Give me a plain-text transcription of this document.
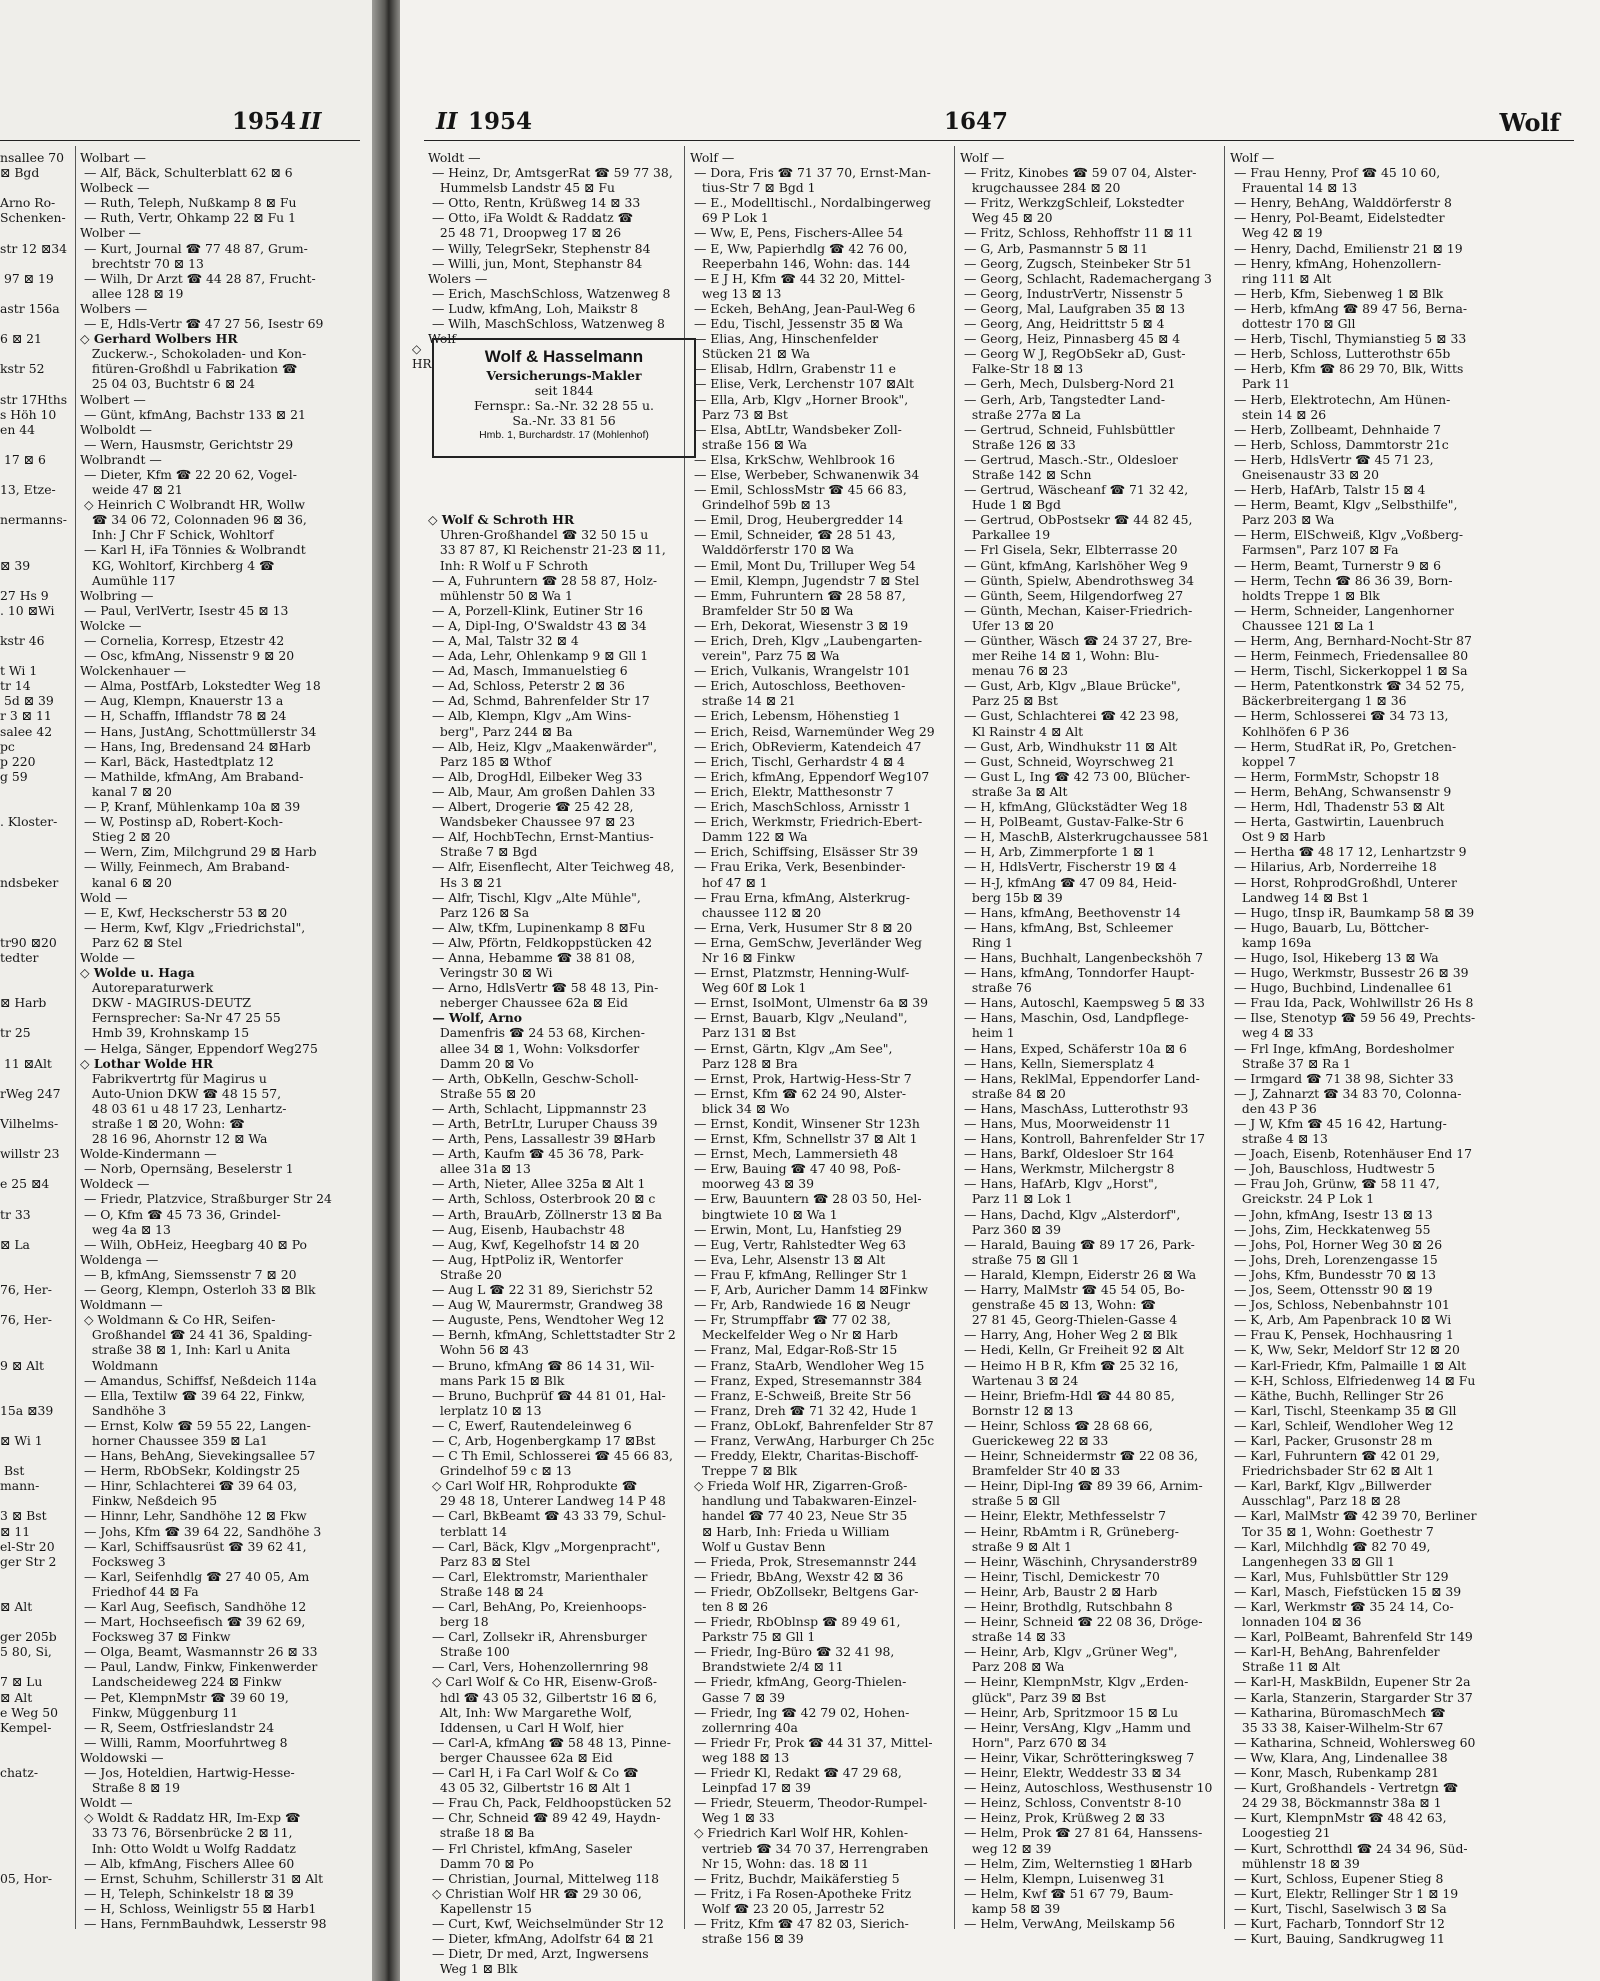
1954 II
nsallee 70
⊠ Bgd

Arno Ro-
Schenken-

str 12 ⊠34

97 ⊠ 19

astr 156a

6 ⊠ 21

kstr 52

str 17Hths
s Höh 10
en 44

17 ⊠ 6

13, Etze-

nermanns-

⊠ 39

27 Hs 9
. 10 ⊠Wi

kstr 46

t Wi 1
tr 14
5d ⊠ 39
r 3 ⊠ 11
salee 42
pc
p 220
g 59

. Kloster-

ndsbeker

tr90 ⊠20
tedter

⊠ Harb

tr 25

11 ⊠Alt

rWeg 247

Vilhelms-

willstr 23

e 25 ⊠4

tr 33

⊠ La

76, Her-

76, Her-

9 ⊠ Alt

15a ⊠39

⊠ Wi 1

Bst
mann-

3 ⊠ Bst
⊠ 11
el-Str 20
ger Str 2

⊠ Alt

ger 205b
5 80, Si,

7 ⊠ Lu
⊠ Alt
e Weg 50
Kempel-

chatz-

05, Hor-
Wolbart —
— Alf, Bäck, Schulterblatt 62 ⊠ 6
Wolbeck —
— Ruth, Teleph, Nußkamp 8 ⊠ Fu
— Ruth, Vertr, Ohkamp 22 ⊠ Fu 1
Wolber —
— Kurt, Journal ☎ 77 48 87, Grum-
brechtstr 70 ⊠ 13
— Wilh, Dr Arzt ☎ 44 28 87, Frucht-
allee 128 ⊠ 19
Wolbers —
— E, Hdls-Vertr ☎ 47 27 56, Isestr 69
◇ Gerhard Wolbers HR
Zuckerw.-, Schokoladen- und Kon-
fitüren-Großhdl u Fabrikation ☎
25 04 03, Buchtstr 6 ⊠ 24
Wolbert —
— Günt, kfmAng, Bachstr 133 ⊠ 21
Wolboldt —
— Wern, Hausmstr, Gerichtstr 29
Wolbrandt —
— Dieter, Kfm ☎ 22 20 62, Vogel-
weide 47 ⊠ 21
◇ Heinrich C Wolbrandt HR, Wollw
☎ 34 06 72, Colonnaden 96 ⊠ 36,
Inh: J Chr F Schick, Wohltorf
— Karl H, iFa Tönnies & Wolbrandt
KG, Wohltorf, Kirchberg 4 ☎
Aumühle 117
Wolbring —
— Paul, VerlVertr, Isestr 45 ⊠ 13
Wolcke —
— Cornelia, Korresp, Etzestr 42
— Osc, kfmAng, Nissenstr 9 ⊠ 20
Wolckenhauer —
— Alma, PostfArb, Lokstedter Weg 18
— Aug, Klempn, Knauerstr 13 a
— H, Schaffn, Ifflandstr 78 ⊠ 24
— Hans, JustAng, Schottmüllerstr 34
— Hans, Ing, Bredensand 24 ⊠Harb
— Karl, Bäck, Hastedtplatz 12
— Mathilde, kfmAng, Am Braband-
kanal 7 ⊠ 20
— P, Kranf, Mühlenkamp 10a ⊠ 39
— W, Postinsp aD, Robert-Koch-
Stieg 2 ⊠ 20
— Wern, Zim, Milchgrund 29 ⊠ Harb
— Willy, Feinmech, Am Braband-
kanal 6 ⊠ 20
Wold —
— E, Kwf, Heckscherstr 53 ⊠ 20
— Herm, Kwf, Klgv „Friedrichstal",
Parz 62 ⊠ Stel
Wolde —
◇ Wolde u. Haga
Autoreparaturwerk
DKW - MAGIRUS-DEUTZ
Fernsprecher: Sa-Nr 47 25 55
Hmb 39, Krohnskamp 15
— Helga, Sänger, Eppendorf Weg275
◇ Lothar Wolde HR
Fabrikvertrtg für Magirus u
Auto-Union DKW ☎ 48 15 57,
48 03 61 u 48 17 23, Lenhartz-
straße 1 ⊠ 20, Wohn: ☎
28 16 96, Ahornstr 12 ⊠ Wa
Wolde-Kindermann —
— Norb, Opernsäng, Beselerstr 1
Woldeck —
— Friedr, Platzvice, Straßburger Str 24
— O, Kfm ☎ 45 73 36, Grindel-
weg 4a ⊠ 13
— Wilh, ObHeiz, Heegbarg 40 ⊠ Po
Woldenga —
— B, kfmAng, Siemssenstr 7 ⊠ 20
— Georg, Klempn, Osterloh 33 ⊠ Blk
Woldmann —
◇ Woldmann & Co HR, Seifen-
Großhandel ☎ 24 41 36, Spalding-
straße 38 ⊠ 1, Inh: Karl u Anita
Woldmann
— Amandus, Schiffsf, Neßdeich 114a
— Ella, Textilw ☎ 39 64 22, Finkw,
Sandhöhe 3
— Ernst, Kolw ☎ 59 55 22, Langen-
horner Chaussee 359 ⊠ La1
— Hans, BehAng, Sievekingsallee 57
— Herm, RbObSekr, Koldingstr 25
— Hinr, Schlachterei ☎ 39 64 03,
Finkw, Neßdeich 95
— Hinnr, Lehr, Sandhöhe 12 ⊠ Fkw
— Johs, Kfm ☎ 39 64 22, Sandhöhe 3
— Karl, Schiffsausrüst ☎ 39 62 41,
Focksweg 3
— Karl, Seifenhdlg ☎ 27 40 05, Am
Friedhof 44 ⊠ Fa
— Karl Aug, Seefisch, Sandhöhe 12
— Mart, Hochseefisch ☎ 39 62 69,
Focksweg 37 ⊠ Finkw
— Olga, Beamt, Wasmannstr 26 ⊠ 33
— Paul, Landw, Finkw, Finkenwerder
Landscheideweg 224 ⊠ Finkw
— Pet, KlempnMstr ☎ 39 60 19,
Finkw, Müggenburg 11
— R, Seem, Ostfrieslandstr 24
— Willi, Ramm, Moorfuhrtweg 8
Woldowski —
— Jos, Hoteldien, Hartwig-Hesse-
Straße 8 ⊠ 19
Woldt —
◇ Woldt & Raddatz HR, Im-Exp ☎
33 73 76, Börsenbrücke 2 ⊠ 11,
Inh: Otto Woldt u Wolfg Raddatz
— Alb, kfmAng, Fischers Allee 60
— Ernst, Schuhm, Schillerstr 31 ⊠ Alt
— H, Teleph, Schinkelstr 18 ⊠ 39
— H, Schloss, Weinligstr 55 ⊠ Harb1
— Hans, FernmBauhdwk, Lesserstr 98
II 1954	1647	Wolf
Woldt —
— Heinz, Dr, AmtsgerRat ☎ 59 77 38,
Hummelsb Landstr 45 ⊠ Fu
— Otto, Rentn, Krüßweg 14 ⊠ 33
— Otto, iFa Woldt & Raddatz ☎
25 48 71, Droopweg 17 ⊠ 26
— Willy, TelegrSekr, Stephenstr 84
— Willi, jun, Mont, Stephanstr 84
Wolers —
— Erich, MaschSchloss, Watzenweg 8
— Ludw, kfmAng, Loh, Maikstr 8
— Wilh, MaschSchloss, Watzenweg 8
Wolf —

◇ Wolf & Schroth HR
Uhren-Großhandel ☎ 32 50 15 u
33 87 87, Kl Reichenstr 21-23 ⊠ 11,
Inh: R Wolf u F Schroth
— A, Fuhruntern ☎ 28 58 87, Holz-
mühlenstr 50 ⊠ Wa 1
— A, Porzell-Klink, Eutiner Str 16
— A, Dipl-Ing, O'Swaldstr 43 ⊠ 34
— A, Mal, Talstr 32 ⊠ 4
— Ada, Lehr, Ohlenkamp 9 ⊠ Gll 1
— Ad, Masch, Immanuelstieg 6
— Ad, Schloss, Peterstr 2 ⊠ 36
— Ad, Schmd, Bahrenfelder Str 17
— Alb, Klempn, Klgv „Am Wins-
berg", Parz 244 ⊠ Ba
— Alb, Heiz, Klgv „Maakenwärder",
Parz 185 ⊠ Wthof
— Alb, DrogHdl, Eilbeker Weg 33
— Alb, Maur, Am großen Dahlen 33
— Albert, Drogerie ☎ 25 42 28,
Wandsbeker Chaussee 97 ⊠ 23
— Alf, HochbTechn, Ernst-Mantius-
Straße 7 ⊠ Bgd
— Alfr, Eisenflecht, Alter Teichweg 48,
Hs 3 ⊠ 21
— Alfr, Tischl, Klgv „Alte Mühle",
Parz 126 ⊠ Sa
— Alw, tKfm, Lupinenkamp 8 ⊠Fu
— Alw, Pförtn, Feldkoppstücken 42
— Anna, Hebamme ☎ 38 81 08,
Veringstr 30 ⊠ Wi
— Arno, HdlsVertr ☎ 58 48 13, Pin-
neberger Chaussee 62a ⊠ Eid
— Wolf, Arno
Damenfris ☎ 24 53 68, Kirchen-
allee 34 ⊠ 1, Wohn: Volksdorfer
Damm 20 ⊠ Vo
— Arth, ObKelln, Geschw-Scholl-
Straße 55 ⊠ 20
— Arth, Schlacht, Lippmannstr 23
— Arth, BetrLtr, Luruper Chauss 39
— Arth, Pens, Lassallestr 39 ⊠Harb
— Arth, Kaufm ☎ 45 36 78, Park-
allee 31a ⊠ 13
— Arth, Nieter, Allee 325a ⊠ Alt 1
— Arth, Schloss, Osterbrook 20 ⊠ c
— Arth, BrauArb, Zöllnerstr 13 ⊠ Ba
— Aug, Eisenb, Haubachstr 48
— Aug, Kwf, Kegelhofstr 14 ⊠ 20
— Aug, HptPoliz iR, Wentorfer
Straße 20
— Aug L ☎ 22 31 89, Sierichstr 52
— Aug W, Maurermstr, Grandweg 38
— Auguste, Pens, Wendtoher Weg 12
— Bernh, kfmAng, Schlettstadter Str 2
Wohn 56 ⊠ 43
— Bruno, kfmAng ☎ 86 14 31, Wil-
mans Park 15 ⊠ Blk
— Bruno, Buchprüf ☎ 44 81 01, Hal-
lerplatz 10 ⊠ 13
— C, Ewerf, Rautendeleinweg 6
— C, Arb, Hogenbergkamp 17 ⊠Bst
— C Th Emil, Schlosserei ☎ 45 66 83,
Grindelhof 59 c ⊠ 13
◇ Carl Wolf HR, Rohprodukte ☎
29 48 18, Unterer Landweg 14 P 48
— Carl, BkBeamt ☎ 43 33 79, Schul-
terblatt 14
— Carl, Bäck, Klgv „Morgenpracht",
Parz 83 ⊠ Stel
— Carl, Elektromstr, Marienthaler
Straße 148 ⊠ 24
— Carl, BehAng, Po, Kreienhoops-
berg 18
— Carl, Zollsekr iR, Ahrensburger
Straße 100
— Carl, Vers, Hohenzollernring 98
◇ Carl Wolf & Co HR, Eisenw-Groß-
hdl ☎ 43 05 32, Gilbertstr 16 ⊠ 6,
Alt, Inh: Ww Margarethe Wolf,
Iddensen, u Carl H Wolf, hier
— Carl-A, kfmAng ☎ 58 48 13, Pinne-
berger Chaussee 62a ⊠ Eid
— Carl H, i Fa Carl Wolf & Co ☎
43 05 32, Gilbertstr 16 ⊠ Alt 1
— Frau Ch, Pack, Feldhoopstücken 52
— Chr, Schneid ☎ 89 42 49, Haydn-
straße 18 ⊠ Ba
— Frl Christel, kfmAng, Saseler
Damm 70 ⊠ Po
— Christian, Journal, Mittelweg 118
◇ Christian Wolf HR ☎ 29 30 06,
Kapellenstr 15
— Curt, Kwf, Weichselmünder Str 12
— Dieter, kfmAng, Adolfstr 64 ⊠ 21
— Dietr, Dr med, Arzt, Ingwersens
Weg 1 ⊠ Blk
Wolf —
— Dora, Fris ☎ 71 37 70, Ernst-Man-
tius-Str 7 ⊠ Bgd 1
— E., Modelltischl., Nordalbingerweg
69 P Lok 1
— Ww, E, Pens, Fischers-Allee 54
— E, Ww, Papierhdlg ☎ 42 76 00,
Reeperbahn 146, Wohn: das. 144
— E J H, Kfm ☎ 44 32 20, Mittel-
weg 13 ⊠ 13
— Eckeh, BehAng, Jean-Paul-Weg 6
— Edu, Tischl, Jessenstr 35 ⊠ Wa
— Elias, Ang, Hinschenfelder
Stücken 21 ⊠ Wa
— Elisab, Hdlrn, Grabenstr 11 e
— Elise, Verk, Lerchenstr 107 ⊠Alt
— Ella, Arb, Klgv „Horner Brook",
Parz 73 ⊠ Bst
— Elsa, AbtLtr, Wandsbeker Zoll-
straße 156 ⊠ Wa
— Elsa, KrkSchw, Wehlbrook 16
— Else, Werbeber, Schwanenwik 34
— Emil, SchlossMstr ☎ 45 66 83,
Grindelhof 59b ⊠ 13
— Emil, Drog, Heubergredder 14
— Emil, Schneider, ☎ 28 51 43,
Walddörferstr 170 ⊠ Wa
— Emil, Mont Du, Trilluper Weg 54
— Emil, Klempn, Jugendstr 7 ⊠ Stel
— Emm, Fuhruntern ☎ 28 58 87,
Bramfelder Str 50 ⊠ Wa
— Erh, Dekorat, Wiesenstr 3 ⊠ 19
— Erich, Dreh, Klgv „Laubengarten-
verein", Parz 75 ⊠ Wa
— Erich, Vulkanis, Wrangelstr 101
— Erich, Autoschloss, Beethoven-
straße 14 ⊠ 21
— Erich, Lebensm, Höhenstieg 1
— Erich, Reisd, Warnemünder Weg 29
— Erich, ObRevierm, Katendeich 47
— Erich, Tischl, Gerhardstr 4 ⊠ 4
— Erich, kfmAng, Eppendorf Weg107
— Erich, Elektr, Matthesonstr 7
— Erich, MaschSchloss, Arnisstr 1
— Erich, Werkmstr, Friedrich-Ebert-
Damm 122 ⊠ Wa
— Erich, Schiffsing, Elsässer Str 39
— Frau Erika, Verk, Besenbinder-
hof 47 ⊠ 1
— Frau Erna, kfmAng, Alsterkrug-
chaussee 112 ⊠ 20
— Erna, Verk, Husumer Str 8 ⊠ 20
— Erna, GemSchw, Jeverländer Weg
Nr 16 ⊠ Finkw
— Ernst, Platzmstr, Henning-Wulf-
Weg 60f ⊠ Lok 1
— Ernst, IsolMont, Ulmenstr 6a ⊠ 39
— Ernst, Bauarb, Klgv „Neuland",
Parz 131 ⊠ Bst
— Ernst, Gärtn, Klgv „Am See",
Parz 128 ⊠ Bra
— Ernst, Prok, Hartwig-Hess-Str 7
— Ernst, Kfm ☎ 62 24 90, Alster-
blick 34 ⊠ Wo
— Ernst, Kondit, Winsener Str 123h
— Ernst, Kfm, Schnellstr 37 ⊠ Alt 1
— Ernst, Mech, Lammersieth 48
— Erw, Bauing ☎ 47 40 98, Poß-
moorweg 43 ⊠ 39
— Erw, Bauuntern ☎ 28 03 50, Hel-
bingtwiete 10 ⊠ Wa 1
— Erwin, Mont, Lu, Hanfstieg 29
— Eug, Vertr, Rahlstedter Weg 63
— Eva, Lehr, Alsenstr 13 ⊠ Alt
— Frau F, kfmAng, Rellinger Str 1
— F, Arb, Auricher Damm 14 ⊠Finkw
— Fr, Arb, Randwiede 16 ⊠ Neugr
— Fr, Strumpffabr ☎ 77 02 38,
Meckelfelder Weg o Nr ⊠ Harb
— Franz, Mal, Edgar-Roß-Str 15
— Franz, StaArb, Wendloher Weg 15
— Franz, Exped, Stresemannstr 384
— Franz, E-Schweiß, Breite Str 56
— Franz, Dreh ☎ 71 32 42, Hude 1
— Franz, ObLokf, Bahrenfelder Str 87
— Franz, VerwAng, Harburger Ch 25c
— Freddy, Elektr, Charitas-Bischoff-
Treppe 7 ⊠ Blk
◇ Frieda Wolf HR, Zigarren-Groß-
handlung und Tabakwaren-Einzel-
handel ☎ 77 40 23, Neue Str 35
⊠ Harb, Inh: Frieda u William
Wolf u Gustav Benn
— Frieda, Prok, Stresemannstr 244
— Friedr, BbAng, Wexstr 42 ⊠ 36
— Friedr, ObZollsekr, Beltgens Gar-
ten 8 ⊠ 26
— Friedr, RbOblnsp ☎ 89 49 61,
Parkstr 75 ⊠ Gll 1
— Friedr, Ing-Büro ☎ 32 41 98,
Brandstwiete 2/4 ⊠ 11
— Friedr, kfmAng, Georg-Thielen-
Gasse 7 ⊠ 39
— Friedr, Ing ☎ 42 79 02, Hohen-
zollernring 40a
— Friedr Fr, Prok ☎ 44 31 37, Mittel-
weg 188 ⊠ 13
— Friedr Kl, Redakt ☎ 47 29 68,
Leinpfad 17 ⊠ 39
— Friedr, Steuerm, Theodor-Rumpel-
Weg 1 ⊠ 33
◇ Friedrich Karl Wolf HR, Kohlen-
vertrieb ☎ 34 70 37, Herrengraben
Nr 15, Wohn: das. 18 ⊠ 11
— Fritz, Buchdr, Maikäferstieg 5
— Fritz, i Fa Rosen-Apotheke Fritz
Wolf ☎ 23 20 05, Jarrestr 52
— Fritz, Kfm ☎ 47 82 03, Sierich-
straße 156 ⊠ 39
Wolf —
— Fritz, Kinobes ☎ 59 07 04, Alster-
krugchaussee 284 ⊠ 20
— Fritz, WerkzgSchleif, Lokstedter
Weg 45 ⊠ 20
— Fritz, Schloss, Rehhoffstr 11 ⊠ 11
— G, Arb, Pasmannstr 5 ⊠ 11
— Georg, Zugsch, Steinbeker Str 51
— Georg, Schlacht, Rademachergang 3
— Georg, IndustrVertr, Nissenstr 5
— Georg, Mal, Laufgraben 35 ⊠ 13
— Georg, Ang, Heidrittstr 5 ⊠ 4
— Georg, Heiz, Pinnasberg 45 ⊠ 4
— Georg W J, RegObSekr aD, Gust-
Falke-Str 18 ⊠ 13
— Gerh, Mech, Dulsberg-Nord 21
— Gerh, Arb, Tangstedter Land-
straße 277a ⊠ La
— Gertrud, Schneid, Fuhlsbüttler
Straße 126 ⊠ 33
— Gertrud, Masch.-Str., Oldesloer
Straße 142 ⊠ Schn
— Gertrud, Wäscheanf ☎ 71 32 42,
Hude 1 ⊠ Bgd
— Gertrud, ObPostsekr ☎ 44 82 45,
Parkallee 19
— Frl Gisela, Sekr, Elbterrasse 20
— Günt, kfmAng, Karlshöher Weg 9
— Günth, Spielw, Abendrothsweg 34
— Günth, Seem, Hilgendorfweg 27
— Günth, Mechan, Kaiser-Friedrich-
Ufer 13 ⊠ 20
— Günther, Wäsch ☎ 24 37 27, Bre-
mer Reihe 14 ⊠ 1, Wohn: Blu-
menau 76 ⊠ 23
— Gust, Arb, Klgv „Blaue Brücke",
Parz 25 ⊠ Bst
— Gust, Schlachterei ☎ 42 23 98,
Kl Rainstr 4 ⊠ Alt
— Gust, Arb, Windhukstr 11 ⊠ Alt
— Gust, Schneid, Woyrschweg 21
— Gust L, Ing ☎ 42 73 00, Blücher-
straße 3a ⊠ Alt
— H, kfmAng, Glückstädter Weg 18
— H, PolBeamt, Gustav-Falke-Str 6
— H, MaschB, Alsterkrugchaussee 581
— H, Arb, Zimmerpforte 1 ⊠ 1
— H, HdlsVertr, Fischerstr 19 ⊠ 4
— H-J, kfmAng ☎ 47 09 84, Heid-
berg 15b ⊠ 39
— Hans, kfmAng, Beethovenstr 14
— Hans, kfmAng, Bst, Schleemer
Ring 1
— Hans, Buchhalt, Langenbeckshöh 7
— Hans, kfmAng, Tonndorfer Haupt-
straße 76
— Hans, Autoschl, Kaempsweg 5 ⊠ 33
— Hans, Maschin, Osd, Landpflege-
heim 1
— Hans, Exped, Schäferstr 10a ⊠ 6
— Hans, Kelln, Siemersplatz 4
— Hans, ReklMal, Eppendorfer Land-
straße 84 ⊠ 20
— Hans, MaschAss, Lutterothstr 93
— Hans, Mus, Moorweidenstr 11
— Hans, Kontroll, Bahrenfelder Str 17
— Hans, Barkf, Oldesloer Str 164
— Hans, Werkmstr, Milchergstr 8
— Hans, HafArb, Klgv „Horst",
Parz 11 ⊠ Lok 1
— Hans, Dachd, Klgv „Alsterdorf",
Parz 360 ⊠ 39
— Harald, Bauing ☎ 89 17 26, Park-
straße 75 ⊠ Gll 1
— Harald, Klempn, Eiderstr 26 ⊠ Wa
— Harry, MalMstr ☎ 45 54 05, Bo-
genstraße 45 ⊠ 13, Wohn: ☎
27 81 45, Georg-Thielen-Gasse 4
— Harry, Ang, Hoher Weg 2 ⊠ Blk
— Hedi, Kelln, Gr Freiheit 92 ⊠ Alt
— Heimo H B R, Kfm ☎ 25 32 16,
Wartenau 3 ⊠ 24
— Heinr, Briefm-Hdl ☎ 44 80 85,
Bornstr 12 ⊠ 13
— Heinr, Schloss ☎ 28 68 66,
Guerickeweg 22 ⊠ 33
— Heinr, Schneidermstr ☎ 22 08 36,
Bramfelder Str 40 ⊠ 33
— Heinr, Dipl-Ing ☎ 89 39 66, Arnim-
straße 5 ⊠ Gll
— Heinr, Elektr, Methfesselstr 7
— Heinr, RbAmtm i R, Grüneberg-
straße 9 ⊠ Alt 1
— Heinr, Wäschinh, Chrysanderstr89
— Heinr, Tischl, Demickestr 70
— Heinr, Arb, Baustr 2 ⊠ Harb
— Heinr, Brothdlg, Rutschbahn 8
— Heinr, Schneid ☎ 22 08 36, Dröge-
straße 14 ⊠ 33
— Heinr, Arb, Klgv „Grüner Weg",
Parz 208 ⊠ Wa
— Heinr, KlempnMstr, Klgv „Erden-
glück", Parz 39 ⊠ Bst
— Heinr, Arb, Spritzmoor 15 ⊠ Lu
— Heinr, VersAng, Klgv „Hamm und
Horn", Parz 670 ⊠ 34
— Heinr, Vikar, Schrötteringksweg 7
— Heinr, Elektr, Weddestr 33 ⊠ 34
— Heinz, Autoschloss, Westhusenstr 10
— Heinz, Schloss, Conventstr 8-10
— Heinz, Prok, Krüßweg 2 ⊠ 33
— Helm, Prok ☎ 27 81 64, Hanssens-
weg 12 ⊠ 39
— Helm, Zim, Welternstieg 1 ⊠Harb
— Helm, Klempn, Luisenweg 31
— Helm, Kwf ☎ 51 67 79, Baum-
kamp 58 ⊠ 39
— Helm, VerwAng, Meilskamp 56
Wolf —
— Frau Henny, Prof ☎ 45 10 60,
Frauental 14 ⊠ 13
— Henry, BehAng, Walddörferstr 8
— Henry, Pol-Beamt, Eidelstedter
Weg 42 ⊠ 19
— Henry, Dachd, Emilienstr 21 ⊠ 19
— Henry, kfmAng, Hohenzollern-
ring 111 ⊠ Alt
— Herb, Kfm, Siebenweg 1 ⊠ Blk
— Herb, kfmAng ☎ 89 47 56, Berna-
dottestr 170 ⊠ Gll
— Herb, Tischl, Thymianstieg 5 ⊠ 33
— Herb, Schloss, Lutterothstr 65b
— Herb, Kfm ☎ 86 29 70, Blk, Witts
Park 11
— Herb, Elektrotechn, Am Hünen-
stein 14 ⊠ 26
— Herb, Zollbeamt, Dehnhaide 7
— Herb, Schloss, Dammtorstr 21c
— Herb, HdlsVertr ☎ 45 71 23,
Gneisenaustr 33 ⊠ 20
— Herb, HafArb, Talstr 15 ⊠ 4
— Herm, Beamt, Klgv „Selbsthilfe",
Parz 203 ⊠ Wa
— Herm, ElSchweiß, Klgv „Voßberg-
Farmsen", Parz 107 ⊠ Fa
— Herm, Beamt, Turnerstr 9 ⊠ 6
— Herm, Techn ☎ 86 36 39, Born-
holdts Treppe 1 ⊠ Blk
— Herm, Schneider, Langenhorner
Chaussee 121 ⊠ La 1
— Herm, Ang, Bernhard-Nocht-Str 87
— Herm, Feinmech, Friedensallee 80
— Herm, Tischl, Sickerkoppel 1 ⊠ Sa
— Herm, Patentkonstrk ☎ 34 52 75,
Bäckerbreitergang 1 ⊠ 36
— Herm, Schlosserei ☎ 34 73 13,
Kohlhöfen 6 P 36
— Herm, StudRat iR, Po, Gretchen-
koppel 7
— Herm, FormMstr, Schopstr 18
— Herm, BehAng, Schwansenstr 9
— Herm, Hdl, Thadenstr 53 ⊠ Alt
— Herta, Gastwirtin, Lauenbruch
Ost 9 ⊠ Harb
— Hertha ☎ 48 17 12, Lenhartzstr 9
— Hilarius, Arb, Norderreihe 18
— Horst, RohprodGroßhdl, Unterer
Landweg 14 ⊠ Bst 1
— Hugo, tInsp iR, Baumkamp 58 ⊠ 39
— Hugo, Bauarb, Lu, Böttcher-
kamp 169a
— Hugo, Isol, Hikeberg 13 ⊠ Wa
— Hugo, Werkmstr, Bussestr 26 ⊠ 39
— Hugo, Buchbind, Lindenallee 61
— Frau Ida, Pack, Wohlwillstr 26 Hs 8
— Ilse, Stenotyp ☎ 59 56 49, Prechts-
weg 4 ⊠ 33
— Frl Inge, kfmAng, Bordesholmer
Straße 37 ⊠ Ra 1
— Irmgard ☎ 71 38 98, Sichter 33
— J, Zahnarzt ☎ 34 83 70, Colonna-
den 43 P 36
— J W, Kfm ☎ 45 16 42, Hartung-
straße 4 ⊠ 13
— Joach, Eisenb, Rotenhäuser End 17
— Joh, Bauschloss, Hudtwestr 5
— Frau Joh, Grünw, ☎ 58 11 47,
Greickstr. 24 P Lok 1
— John, kfmAng, Isestr 13 ⊠ 13
— Johs, Zim, Heckkatenweg 55
— Johs, Pol, Horner Weg 30 ⊠ 26
— Johs, Dreh, Lorenzengasse 15
— Johs, Kfm, Bundesstr 70 ⊠ 13
— Jos, Seem, Ottensstr 90 ⊠ 19
— Jos, Schloss, Nebenbahnstr 101
— K, Arb, Am Papenbrack 10 ⊠ Wi
— Frau K, Pensek, Hochhausring 1
— K, Ww, Sekr, Meldorf Str 12 ⊠ 20
— Karl-Friedr, Kfm, Palmaille 1 ⊠ Alt
— K-H, Schloss, Elfriedenweg 14 ⊠ Fu
— Käthe, Buchh, Rellinger Str 26
— Karl, Tischl, Steenkamp 35 ⊠ Gll
— Karl, Schleif, Wendloher Weg 12
— Karl, Packer, Grusonstr 28 m
— Karl, Fuhruntern ☎ 42 01 29,
Friedrichsbader Str 62 ⊠ Alt 1
— Karl, Barkf, Klgv „Billwerder
Ausschlag", Parz 18 ⊠ 28
— Karl, MalMstr ☎ 42 39 70, Berliner
Tor 35 ⊠ 1, Wohn: Goethestr 7
— Karl, Milchhdlg ☎ 82 70 49,
Langenhegen 33 ⊠ Gll 1
— Karl, Mus, Fuhlsbüttler Str 129
— Karl, Masch, Fiefstücken 15 ⊠ 39
— Karl, Werkmstr ☎ 35 24 14, Co-
lonnaden 104 ⊠ 36
— Karl, PolBeamt, Bahrenfeld Str 149
— Karl-H, BehAng, Bahrenfelder
Straße 11 ⊠ Alt
— Karl-H, MaskBildn, Eupener Str 2a
— Karla, Stanzerin, Stargarder Str 37
— Katharina, BüromaschMech ☎
35 33 38, Kaiser-Wilhelm-Str 67
— Katharina, Schneid, Wohlersweg 60
— Ww, Klara, Ang, Lindenallee 38
— Konr, Masch, Rubenkamp 281
— Kurt, Großhandels - Vertretgn ☎
24 29 38, Böckmannstr 38a ⊠ 1
— Kurt, KlempnMstr ☎ 48 42 63,
Loogestieg 21
— Kurt, Schrotthdl ☎ 24 34 96, Süd-
mühlenstr 18 ⊠ 39
— Kurt, Schloss, Eupener Stieg 8
— Kurt, Elektr, Rellinger Str 1 ⊠ 19
— Kurt, Tischl, Saselwisch 3 ⊠ Sa
— Kurt, Facharb, Tonndorf Str 12
— Kurt, Bauing, Sandkrugweg 11
◇
HR	Wolf & Hasselmann
Versicherungs-Makler
seit 1844
Fernspr.: Sa.-Nr. 32 28 55 u.
Sa.-Nr. 33 81 56
Hmb. 1, Burchardstr. 17 (Mohlenhof)
